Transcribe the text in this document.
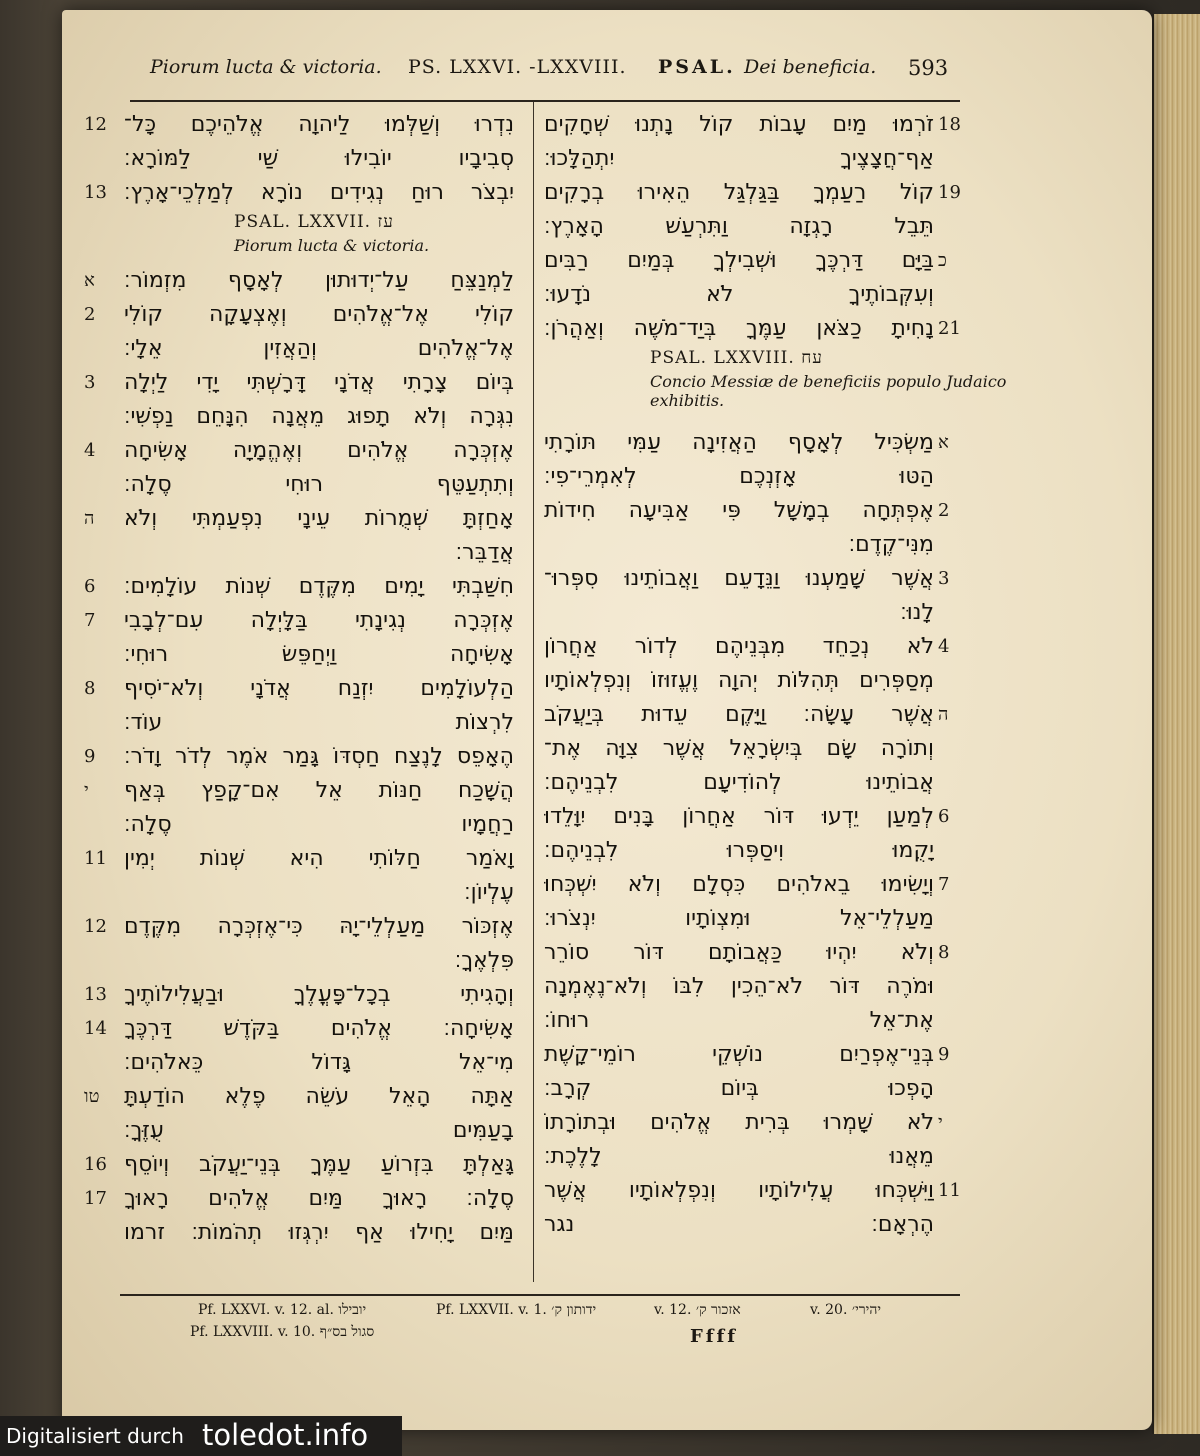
Piorum lucta & victoria. PS. LXXVI. -LXXVIII. PSAL. Dei beneficia. 593
נִדְרוּ וְשַׁלְּמוּ לַיהוָה אֱלֹהֵיכֶם כָּל־
12
סְבִיבָיו יוֹבִילוּ שַׁי לַמּוֹרָא׃
יִבְצֹר רוּחַ נְגִידִים נוֹרָא לְמַלְכֵי־אָרֶץ׃
13
PSAL. LXXVII. עז
Piorum lucta & victoria.
לַמְנַצֵּחַ עַל־יְדוּתוּן לְאָסָף מִזְמוֹר׃
א
קוֹלִי אֶל־אֱלֹהִים וְאֶצְעָקָה קוֹלִי
2
אֶל־אֱלֹהִים וְהַאֲזִין אֵלָי׃
בְּיוֹם צָרָתִי אֲדֹנָי דָּרָשְׁתִּי יָדִי לַיְלָה
3
נִגְּרָה וְלֹא תָפוּג מֵאֲנָה הִנָּחֵם נַפְשִׁי׃
אֶזְכְּרָה אֱלֹהִים וְאֶהֱמָיָה אָשִׂיחָה
4
וְתִתְעַטֵּף רוּחִי סֶלָה׃
אָחַזְתָּ שְׁמֻרוֹת עֵינָי נִפְעַמְתִּי וְלֹא
ה
אֲדַבֵּר׃
חִשַּׁבְתִּי יָמִים מִקֶּדֶם שְׁנוֹת עוֹלָמִים׃
6
אֶזְכְּרָה נְגִינָתִי בַּלָּיְלָה עִם־לְבָבִי
7
אָשִׂיחָה וַיְחַפֵּשׂ רוּחִי׃
הַלְעוֹלָמִים יִזְנַח אֲדֹנָי וְלֹא־יֹסִיף
8
לִרְצוֹת עוֹד׃
הֶאָפֵס לָנֶצַח חַסְדּוֹ גָּמַר אֹמֶר לְדֹר וָדֹר׃
9
הֲשָׁכַח חַנּוֹת אֵל אִם־קָפַץ בְּאַף
י
רַחֲמָיו סֶלָה׃
וָאֹמַר חַלּוֹתִי הִיא שְׁנוֹת יְמִין
11
עֶלְיוֹן׃
אֶזְכּוֹר מַעַלְלֵי־יָהּ כִּי־אֶזְכְּרָה מִקֶּדֶם
12
פִּלְאֶךָ׃
וְהָגִיתִי בְכָל־פָּעֳלֶךָ וּבַעֲלִילוֹתֶיךָ
13
אָשִׂיחָה׃ אֱלֹהִים בַּקֹּדֶשׁ דַּרְכֶּךָ
14
מִי־אֵל גָּדוֹל כֵּאלֹהִים׃
אַתָּה הָאֵל עֹשֵׂה פֶלֶא הוֹדַעְתָּ
טו
בָעַמִּים עֻזֶּךָ׃
גָּאַלְתָּ בִּזְרוֹעַ עַמֶּךָ בְּנֵי־יַעֲקֹב וְיוֹסֵף
16
סֶלָה׃ רָאוּךָ מַּיִם אֱלֹהִים רָאוּךָ
17
מַּיִם יָחִילוּ אַף יִרְגְּזוּ תְהֹמוֹת׃ זרמו
זֹרְמוּ מַיִם עָבוֹת קוֹל נָתְנוּ שְׁחָקִים 18
אַף־חֲצָצֶיךָ יִתְהַלָּכוּ׃
קוֹל רַעַמְךָ בַּגַּלְגַּל הֵאִירוּ בְרָקִים 19
תֵּבֵל רָגְזָה וַתִּרְעַשׁ הָאָרֶץ׃
בַּיָּם דַּרְכֶּךָ וּשְׁבִילְךָ בְּמַיִם רַבִּים כ
וְעִקְּבוֹתֶיךָ לֹא נֹדָעוּ׃
נָחִיתָ כַצֹּאן עַמֶּךָ בְּיַד־מֹשֶׁה וְאַהֲרֹן׃ 21
PSAL. LXXVIII. עח
Concio Messiæ de beneficiis populo Judaico exhibitis.
מַשְׂכִּיל לְאָסָף הַאֲזִינָה עַמִּי תּוֹרָתִי א
הַטּוּ אָזְנְכֶם לְאִמְרֵי־פִי׃
אֶפְתְּחָה בְמָשָׁל פִּי אַבִּיעָה חִידוֹת 2
מִנִּי־קֶדֶם׃
אֲשֶׁר שָׁמַעְנוּ וַנֵּדָעֵם וַאֲבוֹתֵינוּ סִפְּרוּ־ 3
לָנוּ׃
לֹא נְכַחֵד מִבְּנֵיהֶם לְדוֹר אַחֲרוֹן 4
מְסַפְּרִים תְּהִלּוֹת יְהוָה וֶעֱזוּזוֹ וְנִפְלְאוֹתָיו
אֲשֶׁר עָשָׂה׃ וַיָּקֶם עֵדוּת בְּיַעֲקֹב ה
וְתוֹרָה שָׂם בְּיִשְׂרָאֵל אֲשֶׁר צִוָּה אֶת־
אֲבוֹתֵינוּ לְהוֹדִיעָם לִבְנֵיהֶם׃
לְמַעַן יֵדְעוּ דּוֹר אַחֲרוֹן בָּנִים יִוָּלֵדוּ 6
יָקֻמוּ וִיסַפְּרוּ לִבְנֵיהֶם׃
וְיָשִׂימוּ בֵאלֹהִים כִּסְלָם וְלֹא יִשְׁכְּחוּ 7
מַעַלְלֵי־אֵל וּמִצְוֹתָיו יִנְצֹרוּ׃
וְלֹא יִהְיוּ כַּאֲבוֹתָם דּוֹר סוֹרֵר 8
וּמֹרֶה דּוֹר לֹא־הֵכִין לִבּוֹ וְלֹא־נֶאֶמְנָה
אֶת־אֵל רוּחוֹ׃
בְּנֵי־אֶפְרַיִם נוֹשְׁקֵי רוֹמֵי־קָשֶׁת 9
הָפְכוּ בְּיוֹם קְרָב׃
לֹא שָׁמְרוּ בְּרִית אֱלֹהִים וּבְתוֹרָתוֹ י
מֵאֲנוּ לָלֶכֶת׃
וַיִּשְׁכְּחוּ עֲלִילוֹתָיו וְנִפְלְאוֹתָיו אֲשֶׁר 11
הֶרְאָם׃ נגר
Pf. LXXVI. v. 12. al. יובילו	Pf. LXXVII. v. 1. ידותון ק׳	v. 12. אזכור ק׳	v. 20. יהירי׳
Pf. LXXVIII. v. 10. סגול בס״ף	Ffff
Digitalisiert durch toledot.info
